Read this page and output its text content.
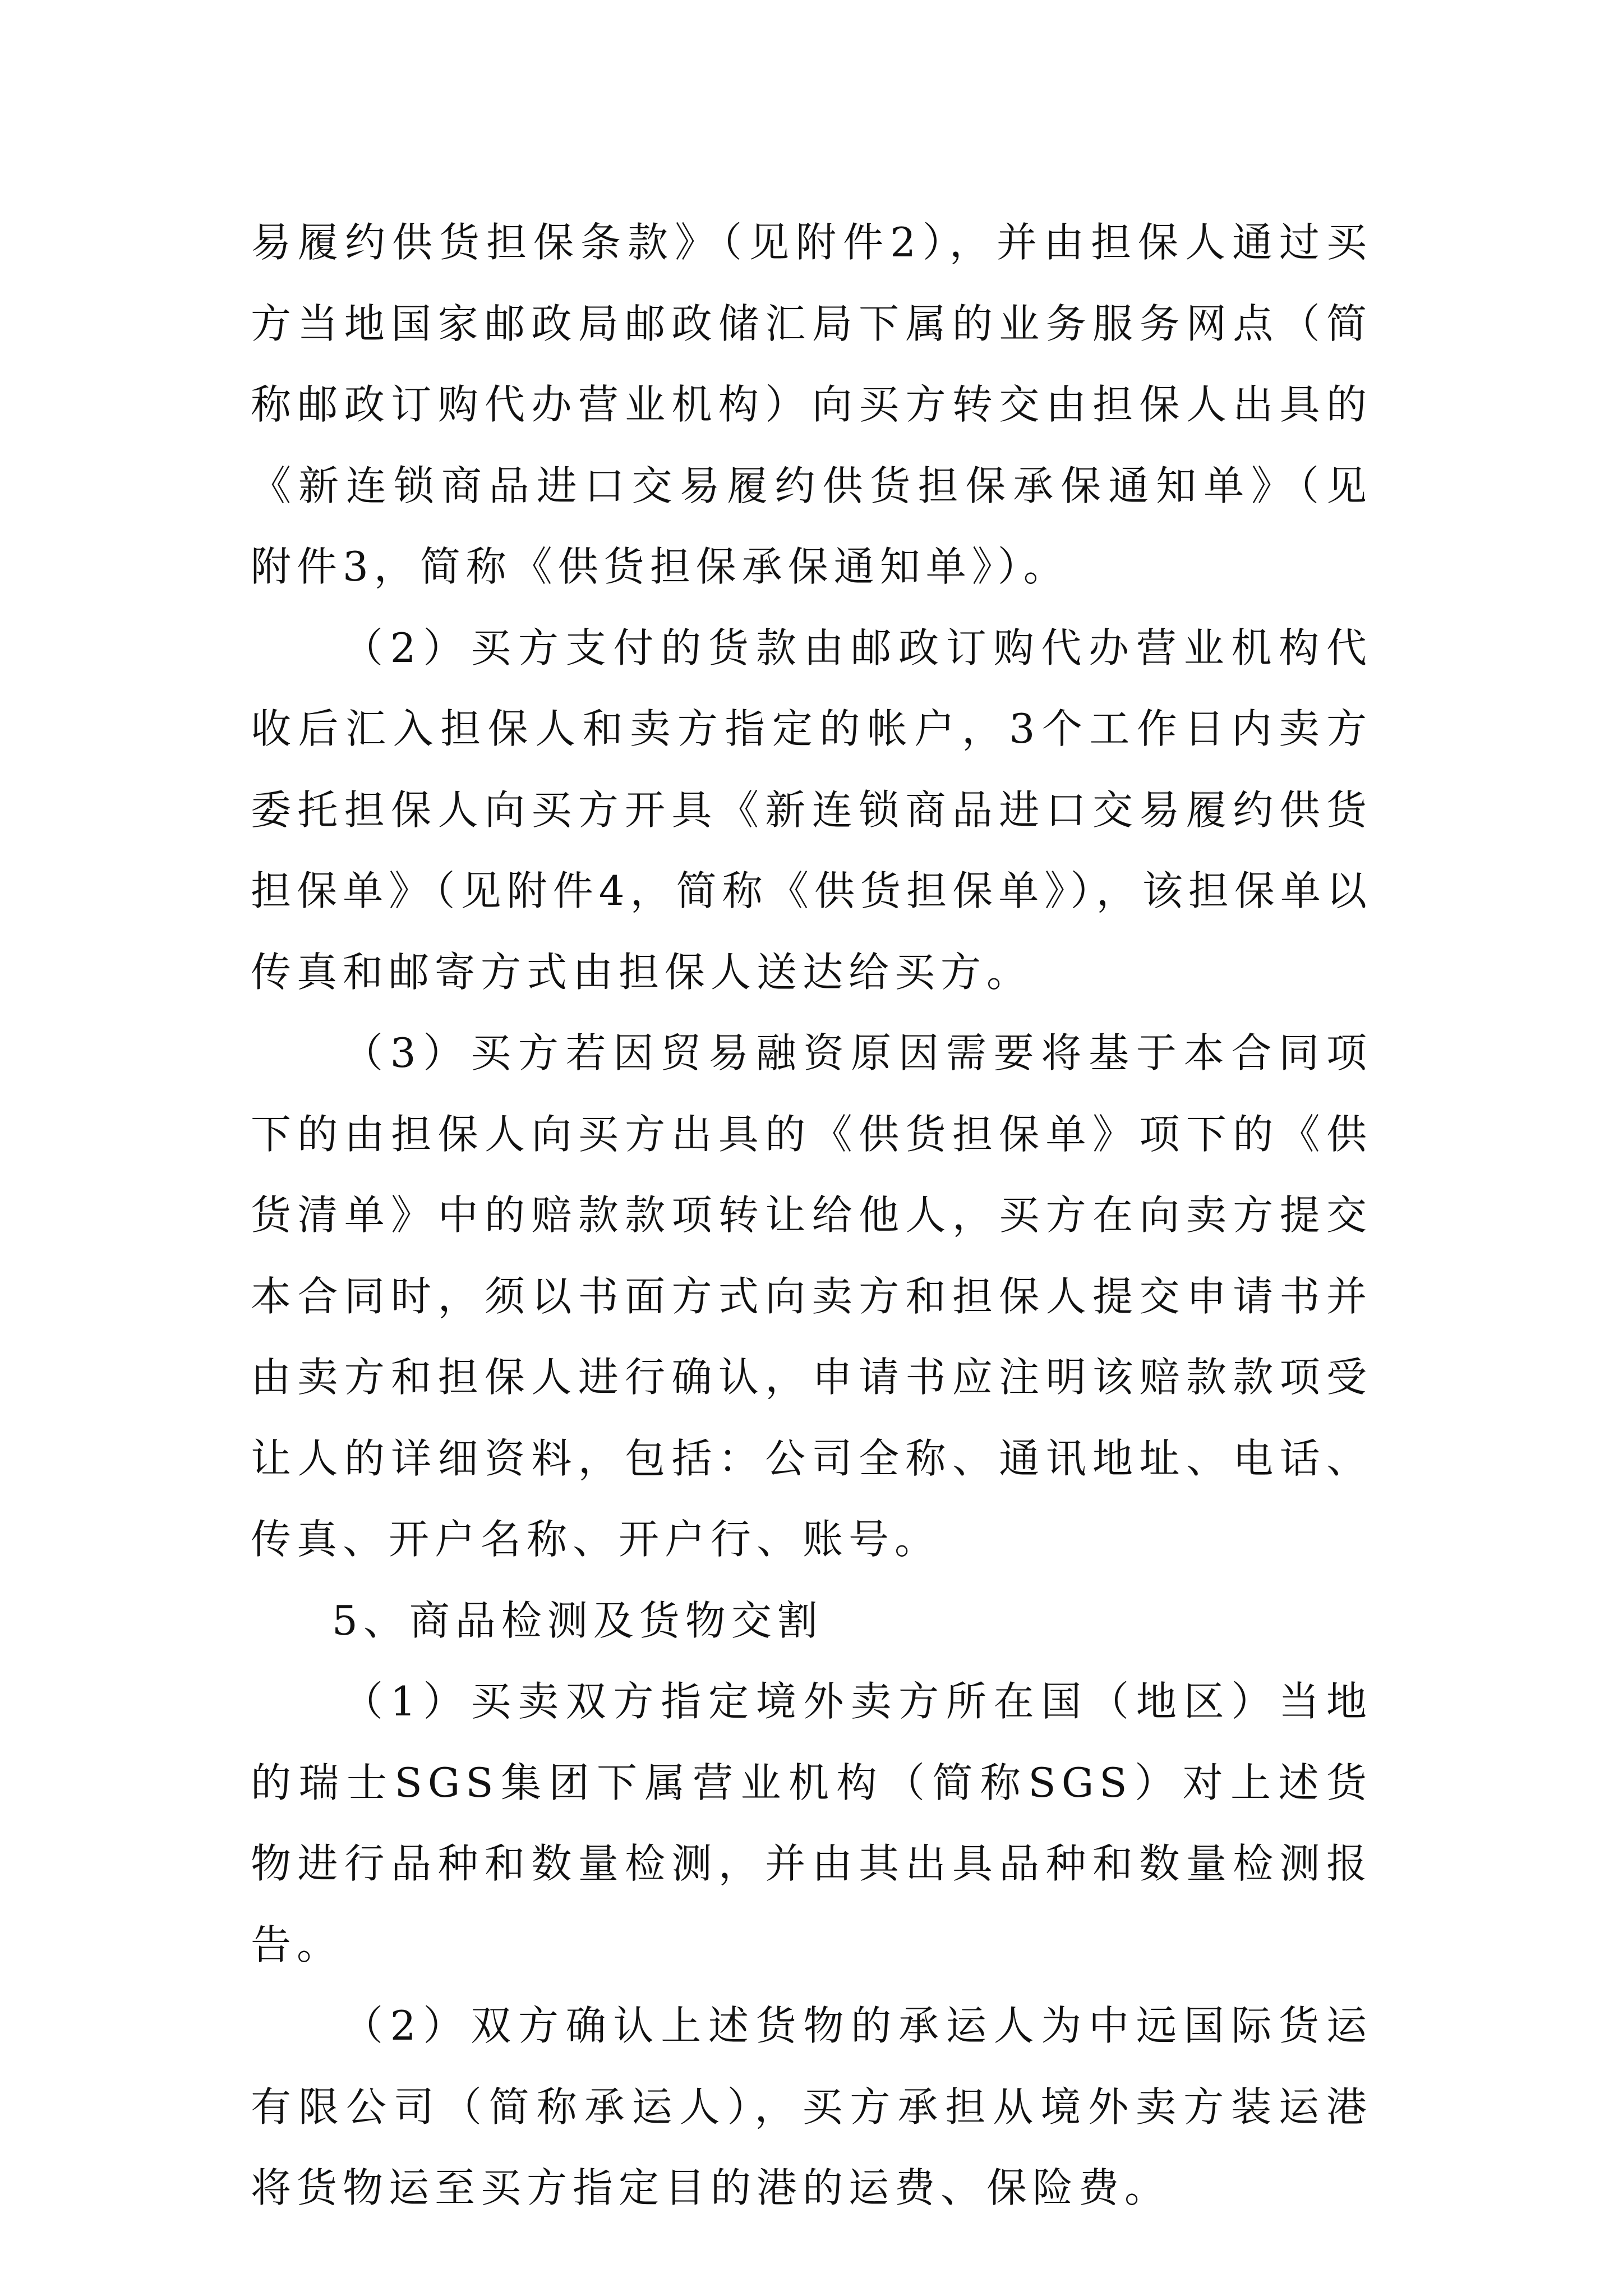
易履约供货担保条款》（见附件2），并由担保人通过买方当地国家邮政局邮政储汇局下属的业务服务网点（简称邮政订购代办营业机构）向买方转交由担保人出具的《新连锁商品进口交易履约供货担保承保通知单》（见附件3，简称《供货担保承保通知单》）。

（2）买方支付的货款由邮政订购代办营业机构代收后汇入担保人和卖方指定的帐户，3个工作日内卖方委托担保人向买方开具《新连锁商品进口交易履约供货担保单》（见附件4，简称《供货担保单》），该担保单以传真和邮寄方式由担保人送达给买方。

（3）买方若因贸易融资原因需要将基于本合同项下的由担保人向买方出具的《供货担保单》项下的《供货清单》中的赔款款项转让给他人，买方在向卖方提交本合同时，须以书面方式向卖方和担保人提交申请书并由卖方和担保人进行确认，申请书应注明该赔款款项受让人的详细资料，包括：公司全称、通讯地址、电话、传真、开户名称、开户行、账号。

5、商品检测及货物交割

（1）买卖双方指定境外卖方所在国（地区）当地的瑞士SGS集团下属营业机构（简称SGS）对上述货物进行品种和数量检测，并由其出具品种和数量检测报告。

（2）双方确认上述货物的承运人为中远国际货运有限公司（简称承运人），买方承担从境外卖方装运港将货物运至买方指定目的港的运费、保险费。
